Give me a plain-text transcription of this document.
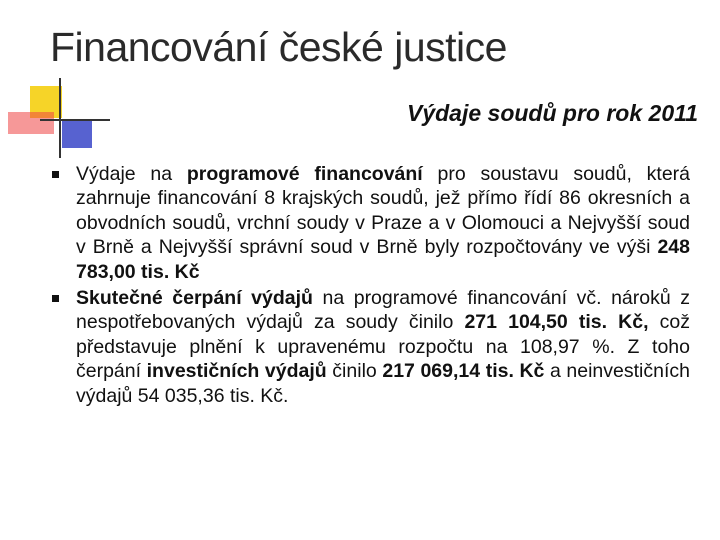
Financování české justice
Výdaje soudů pro rok 2011
Výdaje na programové financování pro soustavu soudů, která zahrnuje financování 8 krajských soudů, jež přímo řídí 86 okresních a obvodních soudů, vrchní soudy v Praze a v Olomouci a Nejvyšší soud v Brně a Nejvyšší správní soud v Brně byly rozpočtovány ve výši 248 783,00 tis. Kč
Skutečné čerpání výdajů na programové financování vč. nároků z nespotřebovaných výdajů za soudy činilo 271 104,50 tis. Kč, což představuje plnění k upravenému rozpočtu na 108,97 %. Z toho čerpání investičních výdajů činilo 217 069,14 tis. Kč a neinvestičních výdajů 54 035,36 tis. Kč.
